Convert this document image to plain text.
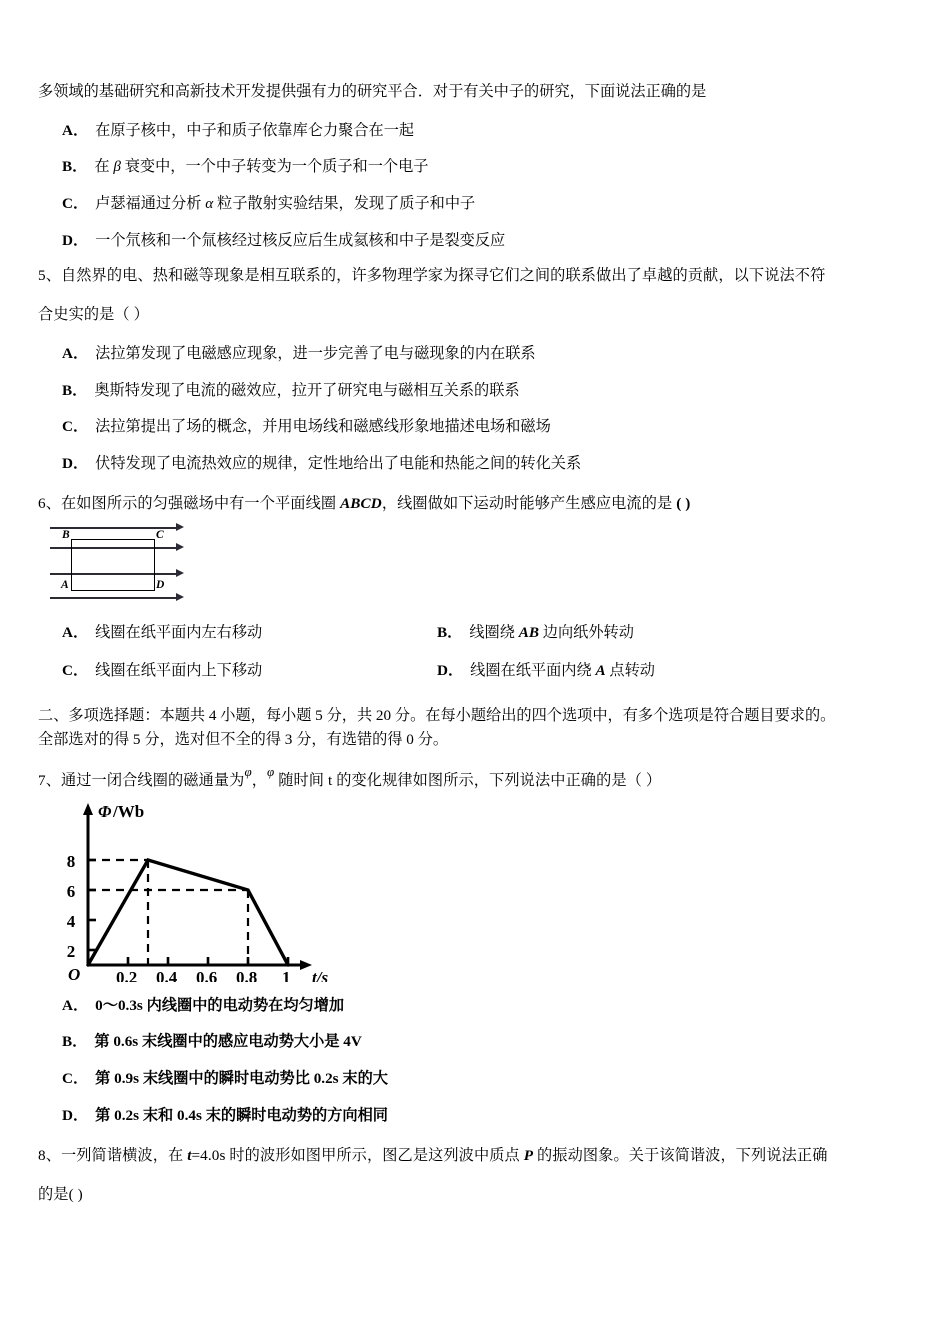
多领域的基础研究和高新技术开发提供强有力的研究平合．对于有关中子的研究，下面说法正确的是
A． 在原子核中，中子和质子依靠库仑力聚合在一起
B． 在 β 衰变中，一个中子转变为一个质子和一个电子
C． 卢瑟福通过分析 α 粒子散射实验结果，发现了质子和中子
D． 一个氘核和一个氚核经过核反应后生成氦核和中子是裂变反应
5、自然界的电、热和磁等现象是相互联系的，许多物理学家为探寻它们之间的联系做出了卓越的贡献，以下说法不符
合史实的是（ ）
A． 法拉第发现了电磁感应现象，进一步完善了电与磁现象的内在联系
B． 奥斯特发现了电流的磁效应，拉开了研究电与磁相互关系的联系
C． 法拉第提出了场的概念，并用电场线和磁感线形象地描述电场和磁场
D． 伏特发现了电流热效应的规律，定性地给出了电能和热能之间的转化关系
6、在如图所示的匀强磁场中有一个平面线圈 ABCD，线圈做如下运动时能够产生感应电流的是 ( )
B	C
A	D
A． 线圈在纸平面内左右移动	B． 线圈绕 AB 边向纸外转动
C． 线圈在纸平面内上下移动	D． 线圈在纸平面内绕 A 点转动
二、多项选择题：本题共 4 小题，每小题 5 分，共 20 分。在每小题给出的四个选项中，有多个选项是符合题目要求的。
全部选对的得 5 分，选对但不全的得 3 分，有选错的得 0 分。
7、通过一闭合线圈的磁通量为φ，φ 随时间 t 的变化规律如图所示，下列说法中正确的是（ ）
Φ /Wb
O
8
6
4
2
0.2 0.4 0.6 0.8 1 t/s
A． 0～0.3s 内线圈中的电动势在均匀增加
B． 第 0.6s 末线圈中的感应电动势大小是 4V
C． 第 0.9s 末线圈中的瞬时电动势比 0.2s 末的大
D． 第 0.2s 末和 0.4s 末的瞬时电动势的方向相同
8、一列简谐横波，在 t=4.0s 时的波形如图甲所示，图乙是这列波中质点 P 的振动图象。关于该简谐波，下列说法正确
的是( )
